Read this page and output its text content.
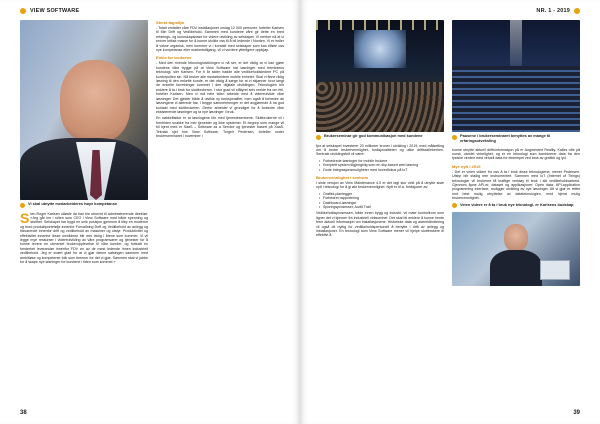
VIEW SOFTWARE
Vi skal utnytte medarbeideres høye kompetanse

Sten-Roger Karlsen utløste da han ble utnevnt til administrerende direktør: «Jeg går inn i rollen som CEO i View Software med både spenning og stolthet. Selskapet har bygd en unik posisjon gjennom å tilby en moderne og bred produktportefølje innenfor Forvaltning Drift og Vedlikehold av anlegg og tilsvarende innenfor drift og vedlikehold av maskiner og utstyr. Produktivitet og effektivitet innenfor disse områdene blir mer viktig i årene som kommer. Vi vil legge mye ressurser i videreutvikling av våre programvarer og tjenester for å kunne levere en utmerket brukeropplevelse til våre kunder, og fortsatt en forsterket leverandør innenfor FDV en av de mest ledende innen industrielt vedlikehold. Jeg er svært glad for at vi gjør denne satsingen sammen med ambitiøse og kompetente folk som brenner for det vi gjør. Sammen skal vi jobbe for å skape nye løsninger for kundene i tiden som kommer.»

Sterkt fagmiljø

- Totalt omfatter våre FDV installasjoner omlag 12 000 personer, forteller Karlsen til Min Drift og Vedlikehold. Sammen med kundene våre gir dette en bred erfarings- og kunnskapsbase for videre utvikling av selskapet. Vi merker nå at vi erover kritisk masse for å kunne utvikle oss til å bli ledende i Norden. Vi er heller å vokse organisk, men kommer vi i kontakt med selskaper som kan tilføre oss nye kompetanse eller markedstilgang, vil vi vurdere ytterligere oppkjøp.

Enkle for brukerne

- Med den rivende teknologiutviklingen vi nå ser, er det viktig at vi kan gjøre kundene våre trygge på at View Software har løsninger med fremtidens teknologi, sier Karlsen. For ti år siden hadde alle vedlikeholdsledere PC på kontorpulten sin. Nå bruker alle medarbeidere mobile enheter. Skal vi finne riktig løsning til den enkelte kunde, er det viktig å sørge for at vi skjønner hvor langt de enkelte forretninger kommet i den digitale utviklingen. Teknologien blir enklere å ta i bruk for sluttbrukeren. I stor grad vil ståtyret selv melde fra om feil, forteller Karlsen. Men vi må hele tiden arbeide med å videreutvikle våre løsninger. Det gjelder både å utvikle ny funksjonalitet, men også å forbedre de løsningene vi allerede har. I begge sammenhenger er det avgjørende å ha god kontakt med sluttbrukeren. Derfor arbeider vi grundiget for å forbedre våre eksisterende løsninger og ta nye løsninger i bruk.

En nøkkelfaktor er at løsningene blir med tjenestesentrene. Sluttbrukerne vil i fremtiden snakke fra mer tjenester og ikke systemer. Et begrep som mange vil bli kjent med er SaaS – Software as a Service og tjenester basert på XaaS. Teknisk sjef hos View Software, Torgeir Pedersen, forteller under brukerseminaret i november i

38
NR. 1 - 2019
Brukerseminar gir god kommunikasjon med kundene

fjor at selskapet investerer 20 millioner kroner i utvikling i 2019, med målsetting om å bedre brukervennlighet, funksjonaliteten og ulike driftsskilekerhen. Sentrale utviklingsfelt vil være:

• Forbedrede løsninger for mobile brukere
• Komplett system tilgjengelig som en sky-basert web løsning
• Gode integrasjonsmuligheter med hovedfokus på IoT
Brukervennlighet i sentrum

I siste versjon av View Maintenance 4.0 er det lagt stor vekt på å utnytte siste nytt i teknologi for å gi økt brukervennlighet. Nytt er bl.a. funksjoner av:

• Grafisk planlegger
• Forbedret rapportering
• Dashboard-løsninger
• Sporingsprosesser, Audit Trail

Vedlikeholdsprosessen, både innen bygg og industri, vil mate kontrollrom som ligner det vi kjenner fra industriell virksomhet. Det skal bli enklere å kunne hente frem aktuell informasjon om installasjonene. Historiske data og alarmhåndtering vil også bli nyttig for vedlikeholdspersonell å benytte i drift av anlegg og installasjoner. En teknologi som View Software mener vil hjelpe sluttbrukere til effektivt å

Pausene i brukerseminaret benyttes av mange til erfaringsutveksling

kunne utnytte aktuell driftsinformasjon på er Augmented Reality. Kalles ofte på norsk, utvidet virkelighet, og er en teknologi som kombinerer data fra den fysiske verden med virtuell data for eksempel ved bruk av grafikk og lyd.

Mye nytt i 2019

- Det er veien videre for oss å ta i bruk disse teknologiene, mener Pedersen. Utstyr blir stadig mer instrumentert. Sammen med IoT (Internet of Things) teknologier vil brukerne få kraftige verktøy til bruk i sitt vedlikeholdsarbeid. Gjennom åpne API-er, dataset og applikasjoner: Open data, API-application programming interface, muligger utvikling av nye løsninger. Alt vi gjør er rettet mot best mulig utnyttelse av datateknologien, med hjerat mulig brukervennlighet.

Veien videre er å ta i bruk nye teknologi, er Karlsens budskap
39
